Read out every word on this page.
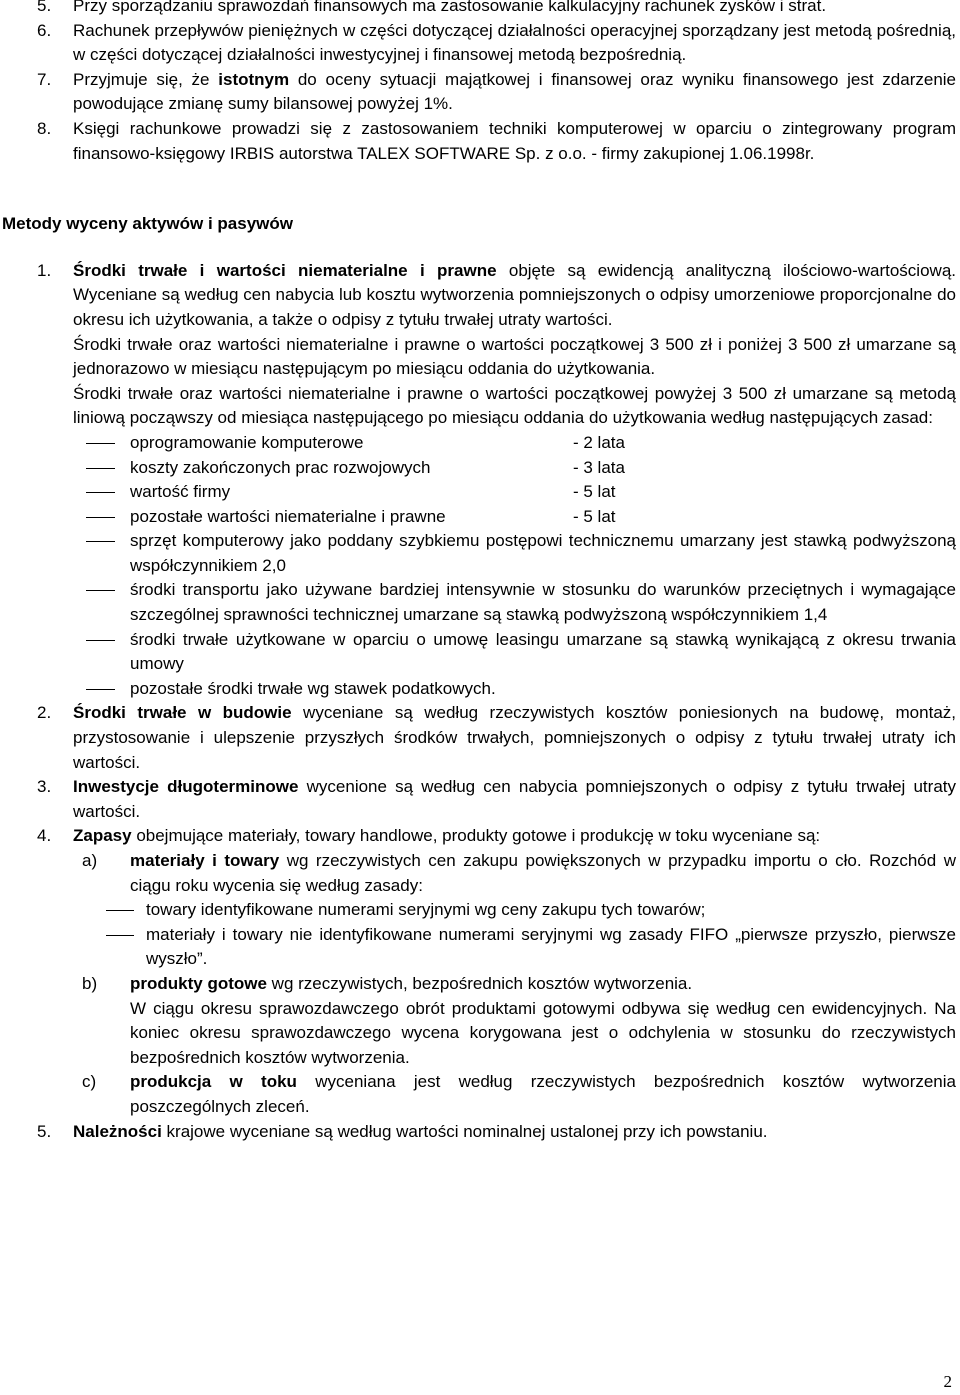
5. Przy sporządzaniu sprawozdań finansowych ma zastosowanie kalkulacyjny rachunek zysków i strat.
6. Rachunek przepływów pieniężnych w części dotyczącej działalności operacyjnej sporządzany jest metodą pośrednią, w części dotyczącej działalności inwestycyjnej i finansowej metodą bezpośrednią.
7. Przyjmuje się, że istotnym do oceny sytuacji majątkowej i finansowej oraz wyniku finansowego jest zdarzenie powodujące zmianę sumy bilansowej powyżej 1%.
8. Księgi rachunkowe prowadzi się z zastosowaniem techniki komputerowej w oparciu o zintegrowany program finansowo-księgowy IRBIS autorstwa TALEX SOFTWARE Sp. z o.o. - firmy zakupionej 1.06.1998r.
Metody wyceny aktywów i pasywów
1. Środki trwałe i wartości niematerialne i prawne objęte są ewidencją analityczną ilościowo-wartościową. Wyceniane są według cen nabycia lub kosztu wytworzenia pomniejszonych o odpisy umorzeniowe proporcjonalne do okresu ich użytkowania, a także o odpisy z tytułu trwałej utraty wartości.
Środki trwałe oraz wartości niematerialne i prawne o wartości początkowej 3 500 zł i poniżej 3 500 zł umarzane są jednorazowo w miesiącu następującym po miesiącu oddania do użytkowania.
Środki trwałe oraz wartości niematerialne i prawne o wartości początkowej powyżej 3 500 zł umarzane są metodą liniową począwszy od miesiąca następującego po miesiącu oddania do użytkowania według następujących zasad:
oprogramowanie komputerowe	- 2 lata
koszty zakończonych prac rozwojowych	- 3 lata
wartość firmy	- 5 lat
pozostałe wartości niematerialne i prawne	- 5 lat
sprzęt komputerowy jako poddany szybkiemu postępowi technicznemu umarzany jest stawką podwyższoną współczynnikiem 2,0
środki transportu jako używane bardziej intensywnie w stosunku do warunków przeciętnych i wymagające szczególnej sprawności technicznej umarzane są stawką podwyższoną współczynnikiem 1,4
środki trwałe użytkowane w oparciu o umowę leasingu umarzane są stawką wynikającą z okresu trwania umowy
pozostałe środki trwałe wg stawek podatkowych.
2. Środki trwałe w budowie wyceniane są według rzeczywistych kosztów poniesionych na budowę, montaż, przystosowanie i ulepszenie przyszłych środków trwałych, pomniejszonych o odpisy z tytułu trwałej utraty ich wartości.
3. Inwestycje długoterminowe wycenione są według cen nabycia pomniejszonych o odpisy z tytułu trwałej utraty wartości.
4. Zapasy obejmujące materiały, towary handlowe, produkty gotowe i produkcję w toku wyceniane są:
a) materiały i towary wg rzeczywistych cen zakupu powiększonych w przypadku importu o cło. Rozchód w ciągu roku wycenia się według zasady:
towary identyfikowane numerami seryjnymi wg ceny zakupu tych towarów;
materiały i towary nie identyfikowane numerami seryjnymi wg zasady FIFO „pierwsze przyszło, pierwsze wyszło”.
b) produkty gotowe wg rzeczywistych, bezpośrednich kosztów wytworzenia.
W ciągu okresu sprawozdawczego obrót produktami gotowymi odbywa się według cen ewidencyjnych. Na koniec okresu sprawozdawczego wycena korygowana jest o odchylenia w stosunku do rzeczywistych bezpośrednich kosztów wytworzenia.
c) produkcja w toku wyceniana jest według rzeczywistych bezpośrednich kosztów wytworzenia poszczególnych zleceń.
5. Należności krajowe wyceniane są według wartości nominalnej ustalonej przy ich powstaniu.
2
